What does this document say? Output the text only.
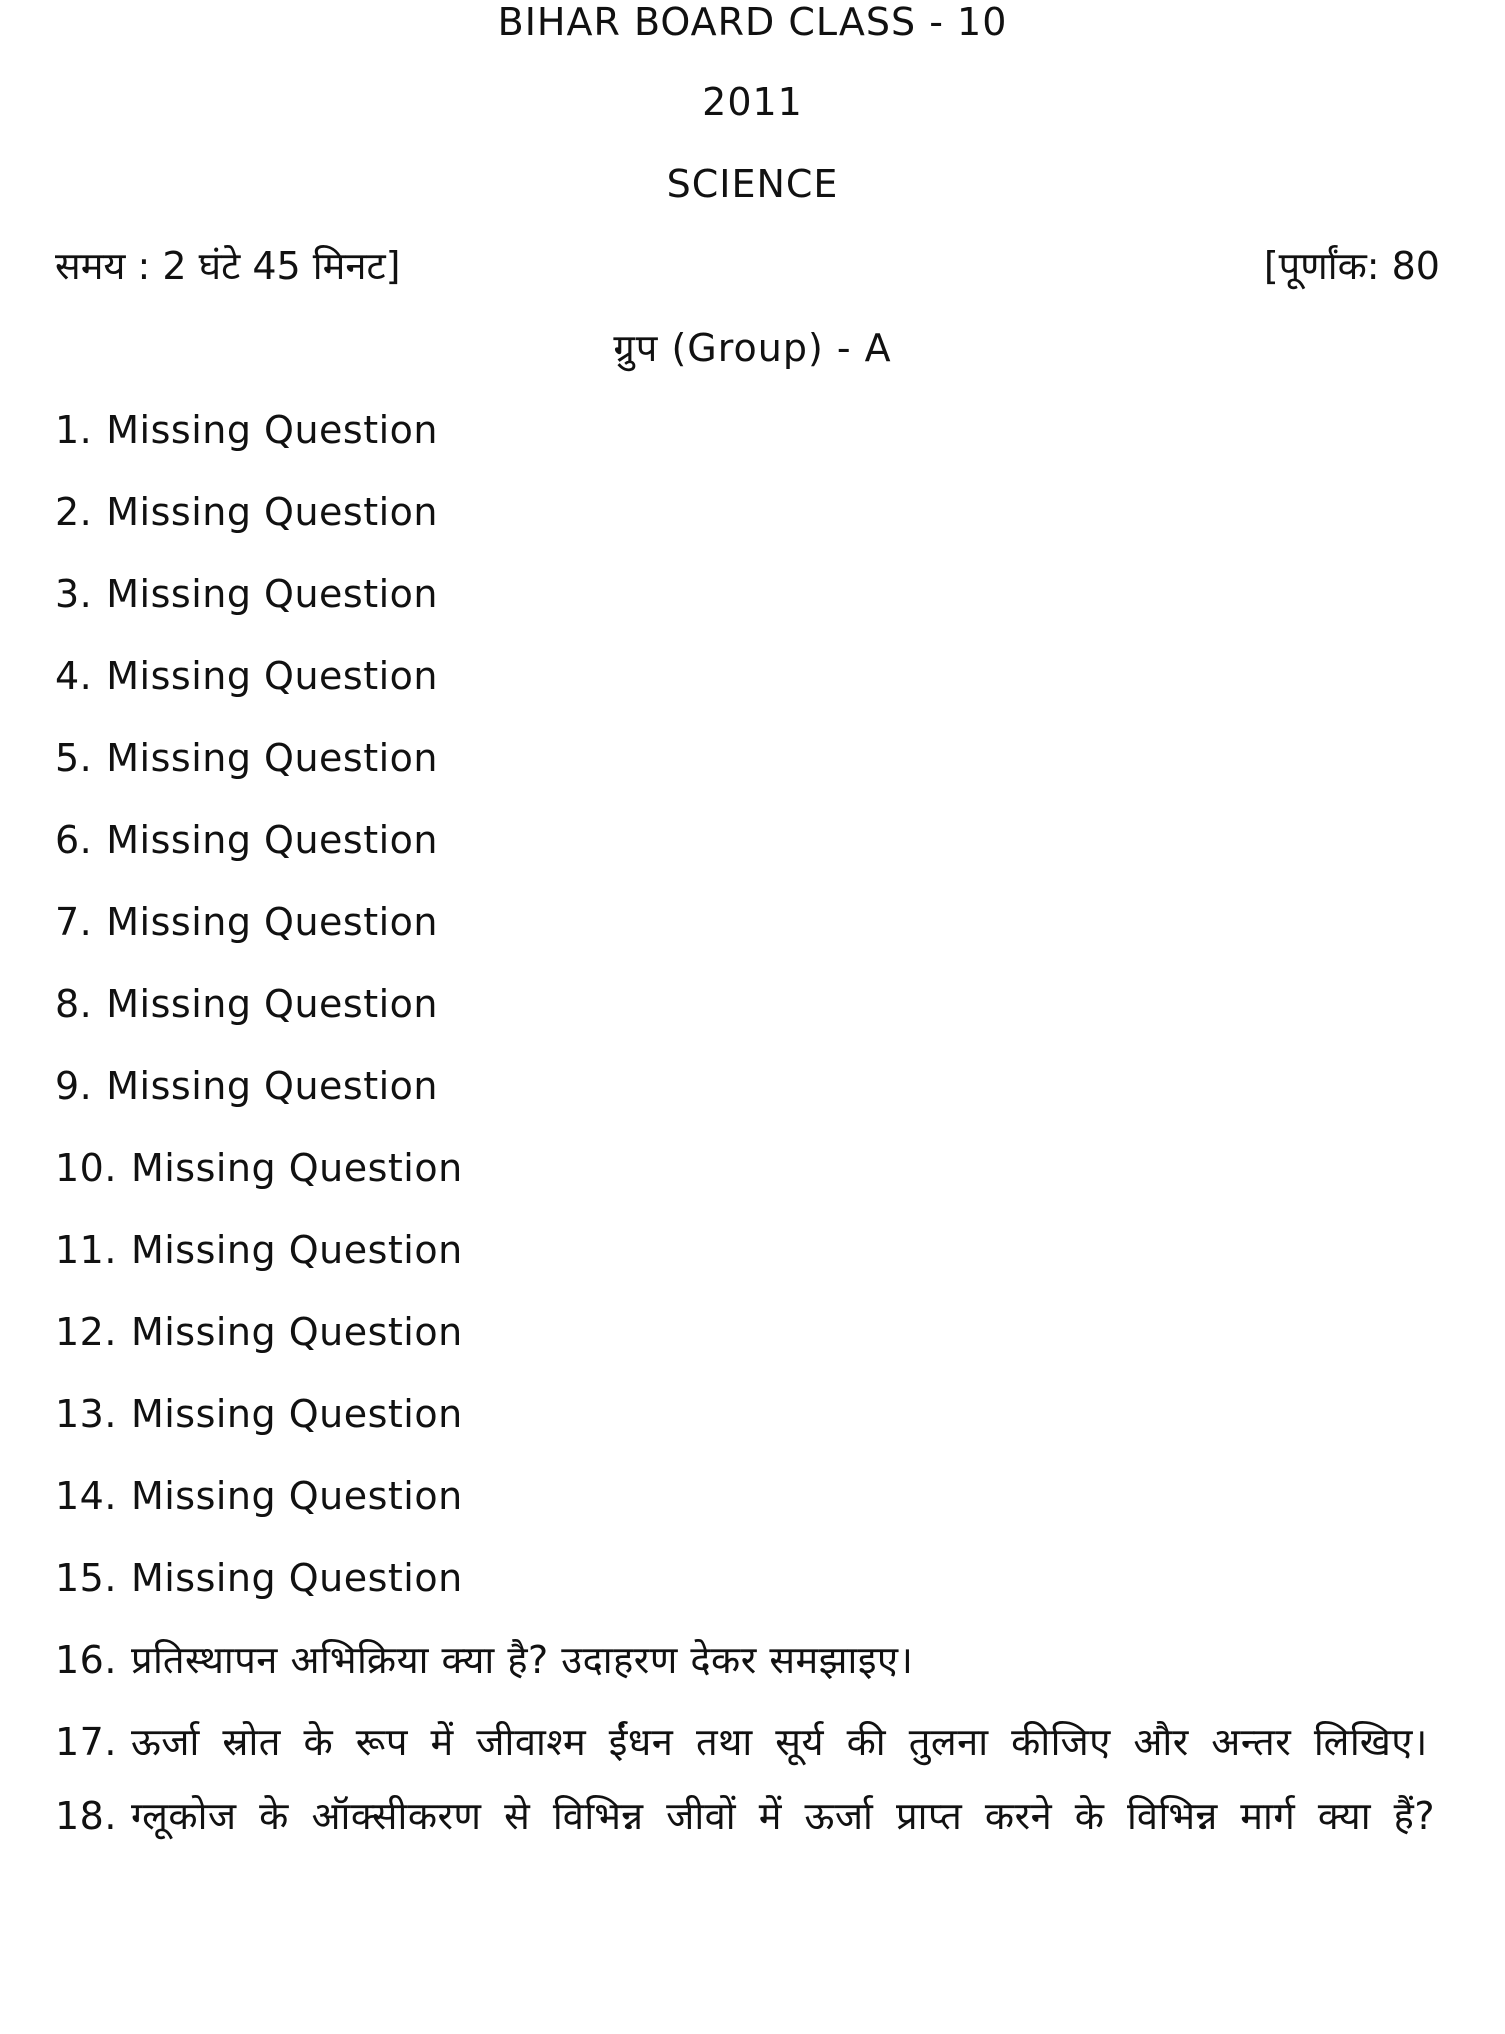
BIHAR BOARD CLASS - 10
2011
SCIENCE
समय : 2 घंटे 45 मिनट]	[पूर्णांक: 80
ग्रुप (Group) - A
1. Missing Question
2. Missing Question
3. Missing Question
4. Missing Question
5. Missing Question
6. Missing Question
7. Missing Question
8. Missing Question
9. Missing Question
10. Missing Question
11. Missing Question
12. Missing Question
13. Missing Question
14. Missing Question
15. Missing Question
16. प्रतिस्थापन अभिक्रिया क्या है? उदाहरण देकर समझाइए।
17. ऊर्जा स्रोत के रूप में जीवाश्म ईंधन तथा सूर्य की तुलना कीजिए और अन्तर लिखिए।
18. ग्लूकोज के ऑक्सीकरण से विभिन्न जीवों में ऊर्जा प्राप्त करने के विभिन्न मार्ग क्या हैं?
